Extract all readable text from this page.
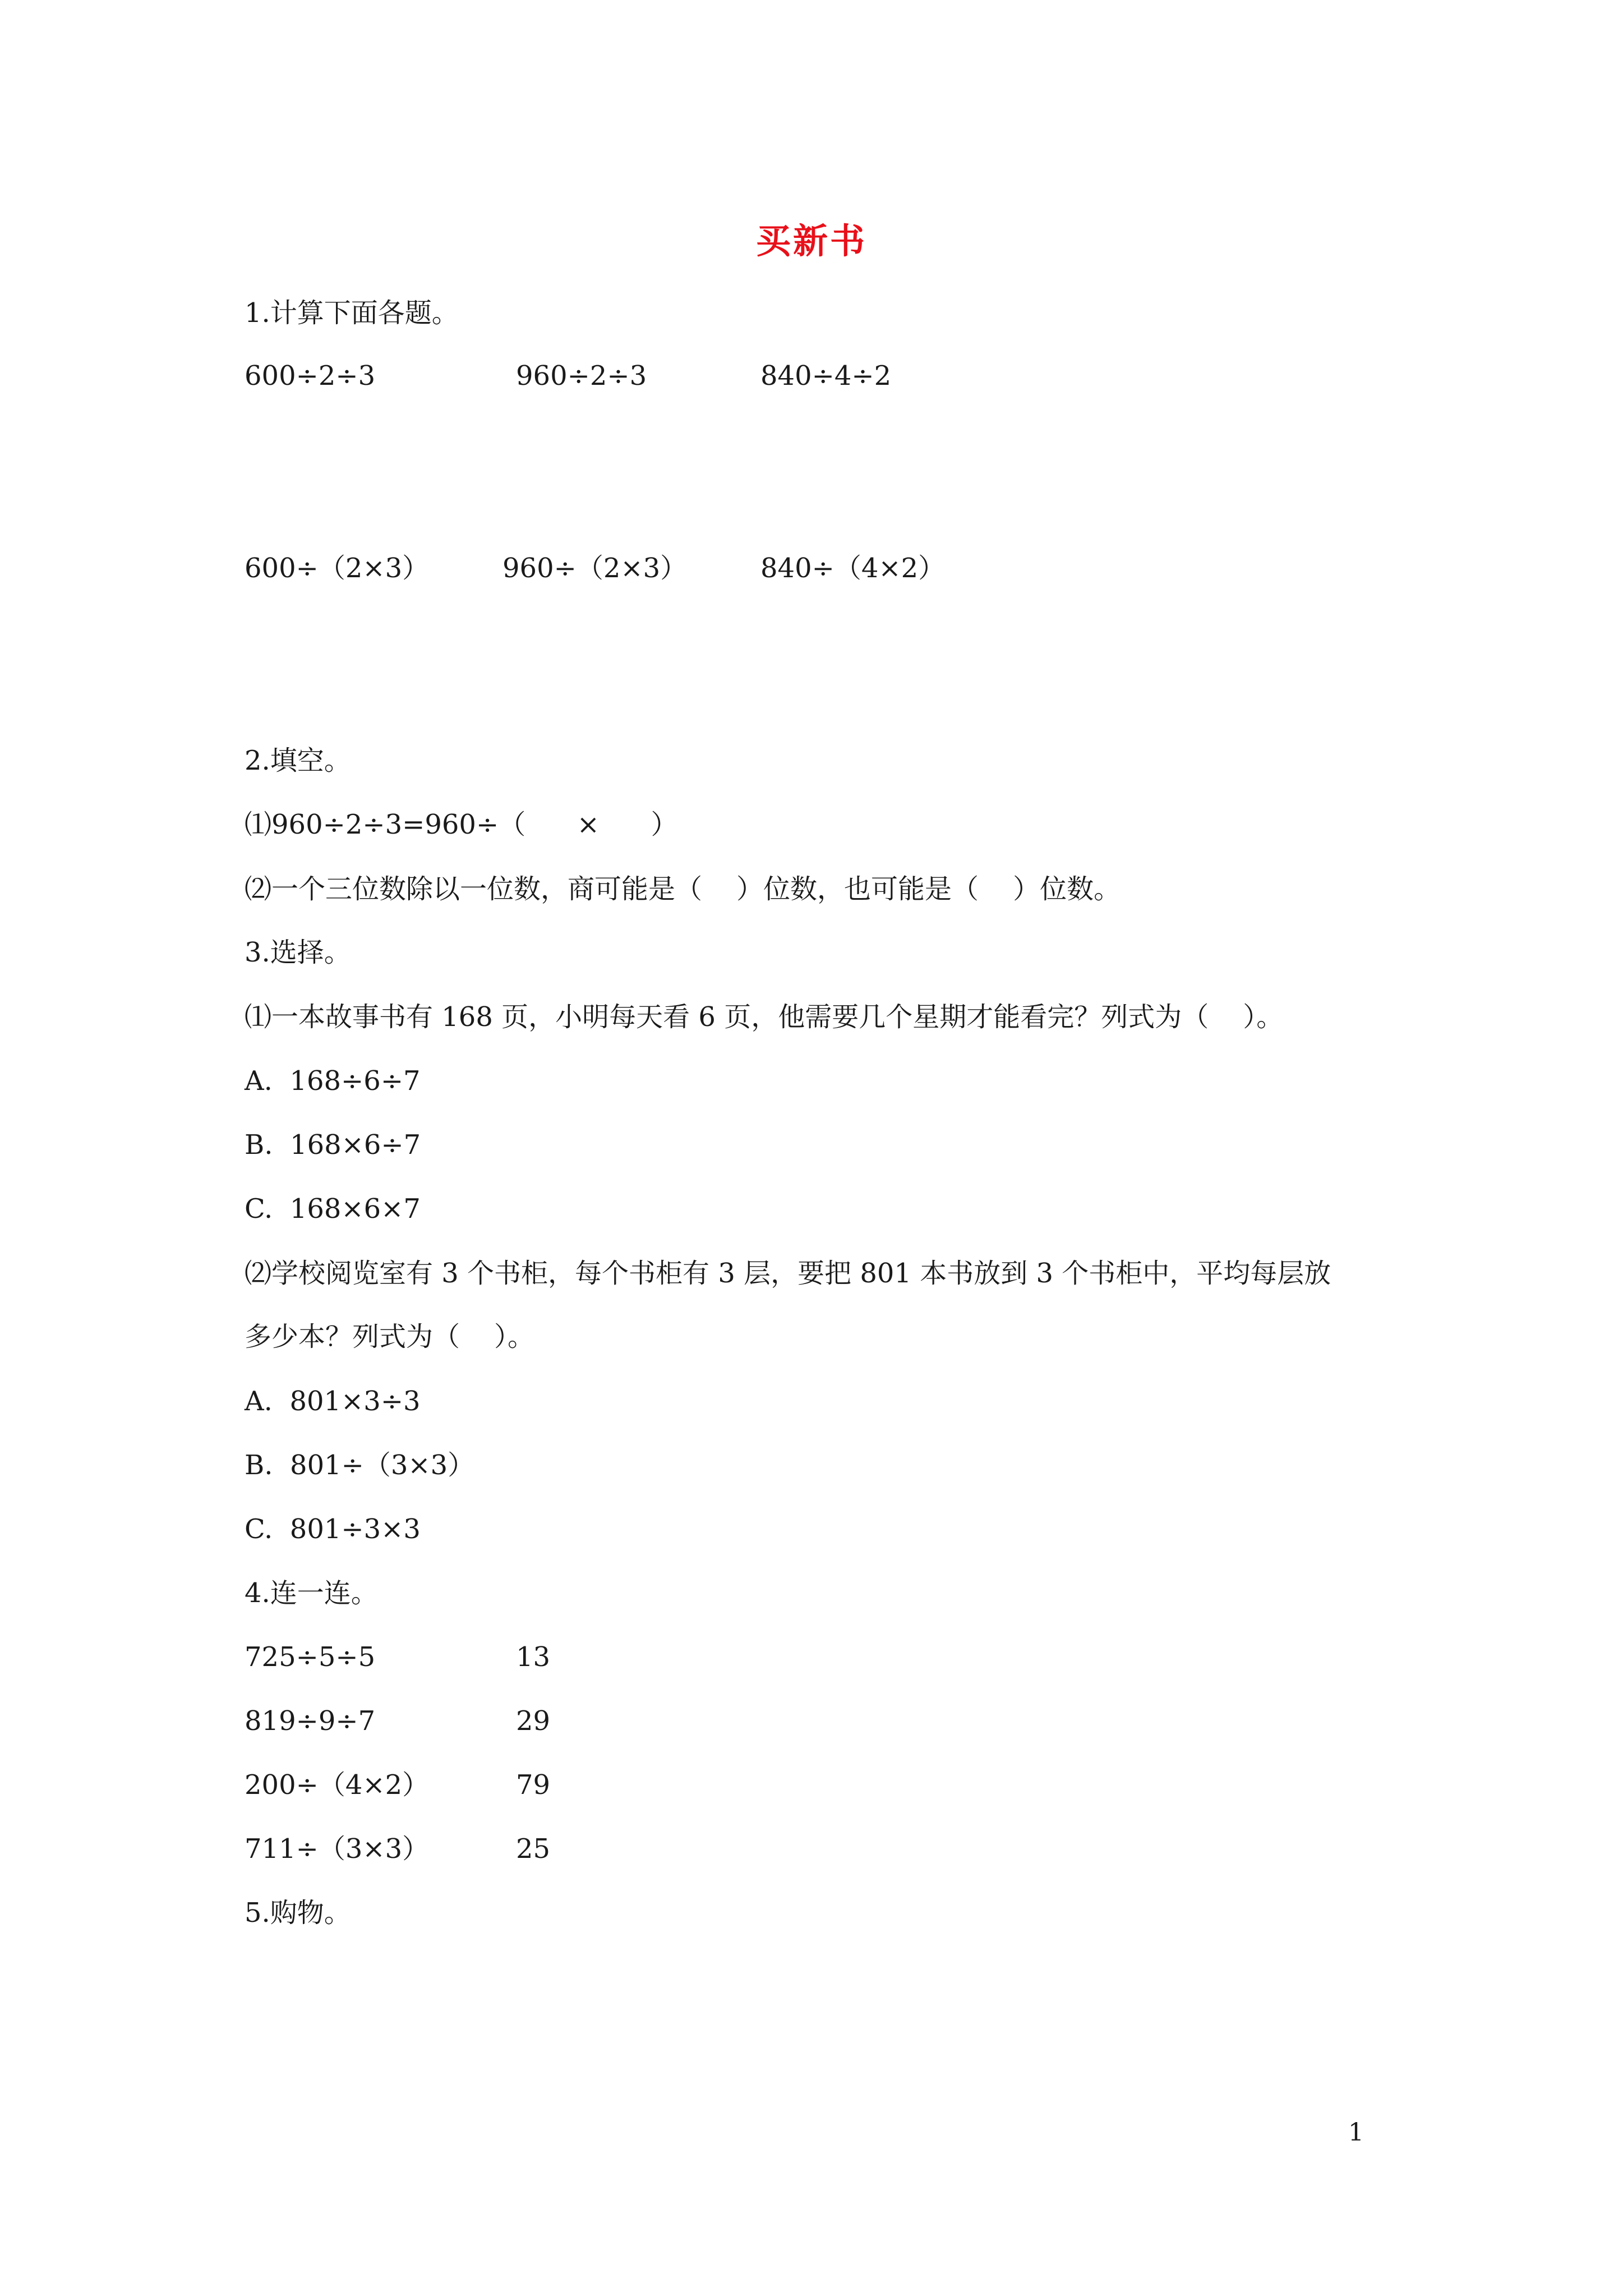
买新书
1.计算下面各题。
600÷2÷3	960÷2÷3	840÷4÷2
600÷（2×3）	960÷（2×3）	840÷（4×2）
2.填空。
⑴960÷2÷3=960÷（      ×      ）
⑵一个三位数除以一位数，商可能是（    ）位数，也可能是（    ）位数。
3.选择。
⑴一本故事书有 168 页，小明每天看 6 页，他需要几个星期才能看完？列式为（    ）。
A.  168÷6÷7
B.  168×6÷7
C.  168×6×7
⑵学校阅览室有 3 个书柜，每个书柜有 3 层，要把 801 本书放到 3 个书柜中，平均每层放
多少本？列式为（    ）。
A.  801×3÷3
B.  801÷（3×3）
C.  801÷3×3
4.连一连。
725÷5÷5	13
819÷9÷7	29
200÷（4×2）	79
711÷（3×3）	25
5.购物。
1
